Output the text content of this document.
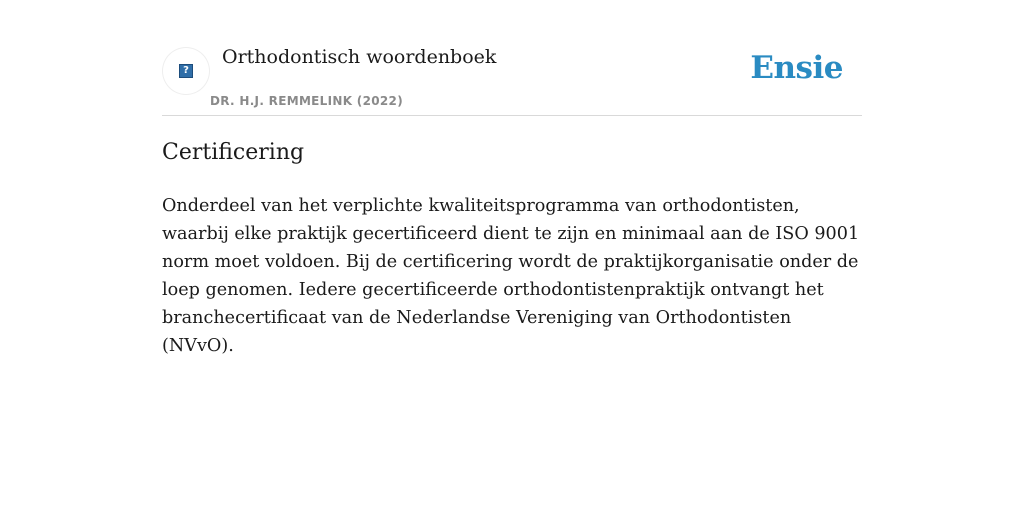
?
Orthodontisch woordenboek
DR. H.J. REMMELINK (2022)
Ensie
Certificering

Onderdeel van het verplichte kwaliteitsprogramma van orthodontisten, waarbij elke praktijk gecertificeerd dient te zijn en minimaal aan de ISO 9001 norm moet voldoen. Bij de certificering wordt de praktijkorganisatie onder de loep genomen. Iedere gecertificeerde orthodontistenpraktijk ontvangt het branchecertificaat van de Nederlandse Vereniging van Orthodontisten (NVvO).
